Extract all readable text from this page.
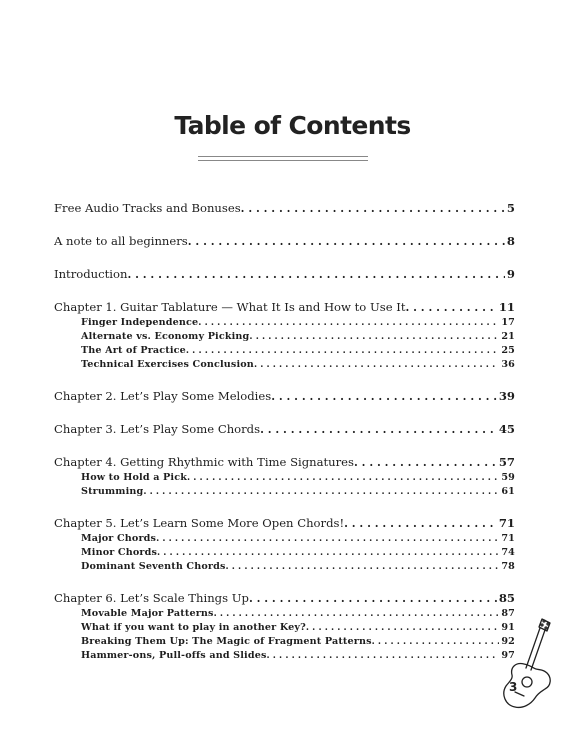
Table of Contents
Free Audio Tracks and Bonuses . . .	5
A note to all beginners . . .	8
Introduction . . .	9
Chapter 1. Guitar Tablature — What It Is and How to Use It . . .	11
Finger Independence . . .	17
Alternate vs. Economy Picking . . .	21
The Art of Practice . . .	25
Technical Exercises Conclusion . . .	36
Chapter 2. Let’s Play Some Melodies . . .	39
Chapter 3. Let’s Play Some Chords . . .	45
Chapter 4. Getting Rhythmic with Time Signatures . . .	57
How to Hold a Pick . . .	59
Strumming . . .	61
Chapter 5. Let’s Learn Some More Open Chords! . . .	71
Major Chords . . .	71
Minor Chords . . .	74
Dominant Seventh Chords . . .	78
Chapter 6. Let’s Scale Things Up . . .	85
Movable Major Patterns . . .	87
What if you want to play in another Key? . . .	91
Breaking Them Up: The Magic of Fragment Patterns . . .	92
Hammer-ons, Pull-offs and Slides . . .	97
3
